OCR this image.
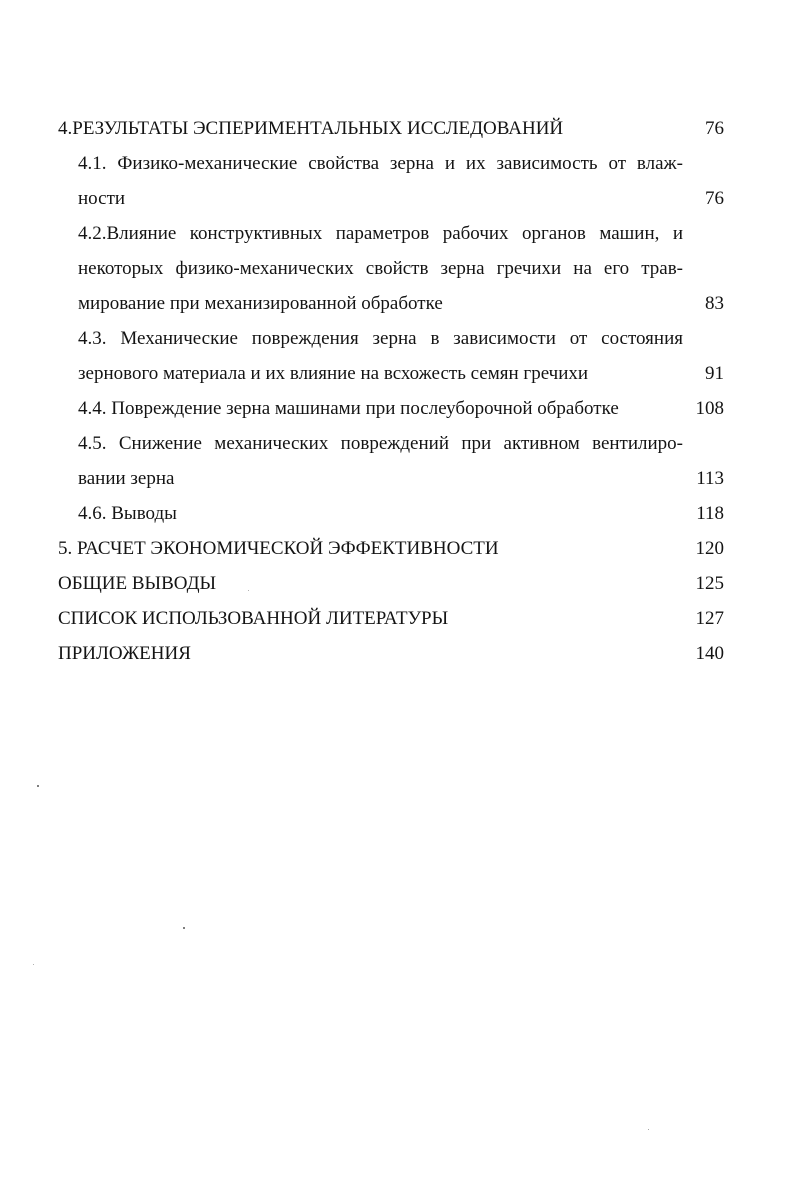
4.РЕЗУЛЬТАТЫ ЭСПЕРИМЕНТАЛЬНЫХ ИССЛЕДОВАНИЙ	76
4.1. Физико-механические свойства зерна и их зависимость от влаж-
ности	76
4.2.Влияние конструктивных параметров рабочих органов машин, и
некоторых физико-механических свойств зерна гречихи на его трав-
мирование при механизированной обработке	83
4.3. Механические повреждения зерна в зависимости от состояния
зернового материала и их влияние на всхожесть семян гречихи	91
4.4. Повреждение зерна машинами при послеуборочной обработке	108
4.5. Снижение механических повреждений при активном вентилиро-
вании зерна	113
4.6. Выводы	118
5. РАСЧЕТ ЭКОНОМИЧЕСКОЙ ЭФФЕКТИВНОСТИ	120
ОБЩИЕ ВЫВОДЫ	125
СПИСОК ИСПОЛЬЗОВАННОЙ ЛИТЕРАТУРЫ	127
ПРИЛОЖЕНИЯ	140
